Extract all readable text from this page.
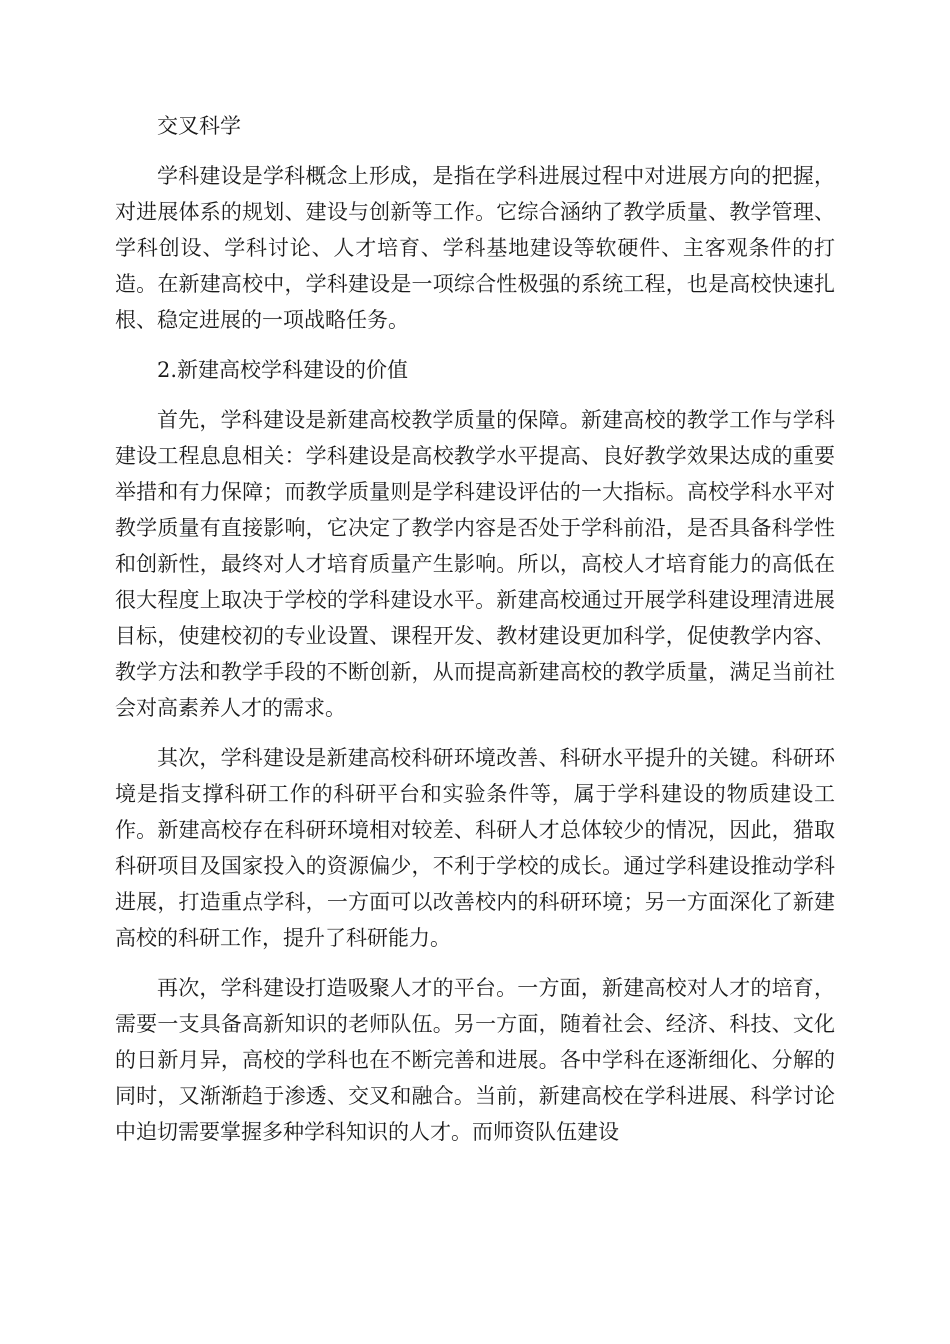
交叉科学

学科建设是学科概念上形成，是指在学科进展过程中对进展方向的把握，对进展体系的规划、建设与创新等工作。它综合涵纳了教学质量、教学管理、学科创设、学科讨论、人才培育、学科基地建设等软硬件、主客观条件的打造。在新建高校中，学科建设是一项综合性极强的系统工程，也是高校快速扎根、稳定进展的一项战略任务。

2.新建高校学科建设的价值

首先，学科建设是新建高校教学质量的保障。新建高校的教学工作与学科建设工程息息相关：学科建设是高校教学水平提高、良好教学效果达成的重要举措和有力保障；而教学质量则是学科建设评估的一大指标。高校学科水平对教学质量有直接影响，它决定了教学内容是否处于学科前沿，是否具备科学性和创新性，最终对人才培育质量产生影响。所以，高校人才培育能力的高低在很大程度上取决于学校的学科建设水平。新建高校通过开展学科建设理清进展目标，使建校初的专业设置、课程开发、教材建设更加科学，促使教学内容、教学方法和教学手段的不断创新，从而提高新建高校的教学质量，满足当前社会对高素养人才的需求。

其次，学科建设是新建高校科研环境改善、科研水平提升的关键。科研环境是指支撑科研工作的科研平台和实验条件等，属于学科建设的物质建设工作。新建高校存在科研环境相对较差、科研人才总体较少的情况，因此，猎取科研项目及国家投入的资源偏少，不利于学校的成长。通过学科建设推动学科进展，打造重点学科，一方面可以改善校内的科研环境；另一方面深化了新建高校的科研工作，提升了科研能力。

再次，学科建设打造吸聚人才的平台。一方面，新建高校对人才的培育，需要一支具备高新知识的老师队伍。另一方面，随着社会、经济、科技、文化的日新月异，高校的学科也在不断完善和进展。各中学科在逐渐细化、分解的同时，又渐渐趋于渗透、交叉和融合。当前，新建高校在学科进展、科学讨论中迫切需要掌握多种学科知识的人才。而师资队伍建设
